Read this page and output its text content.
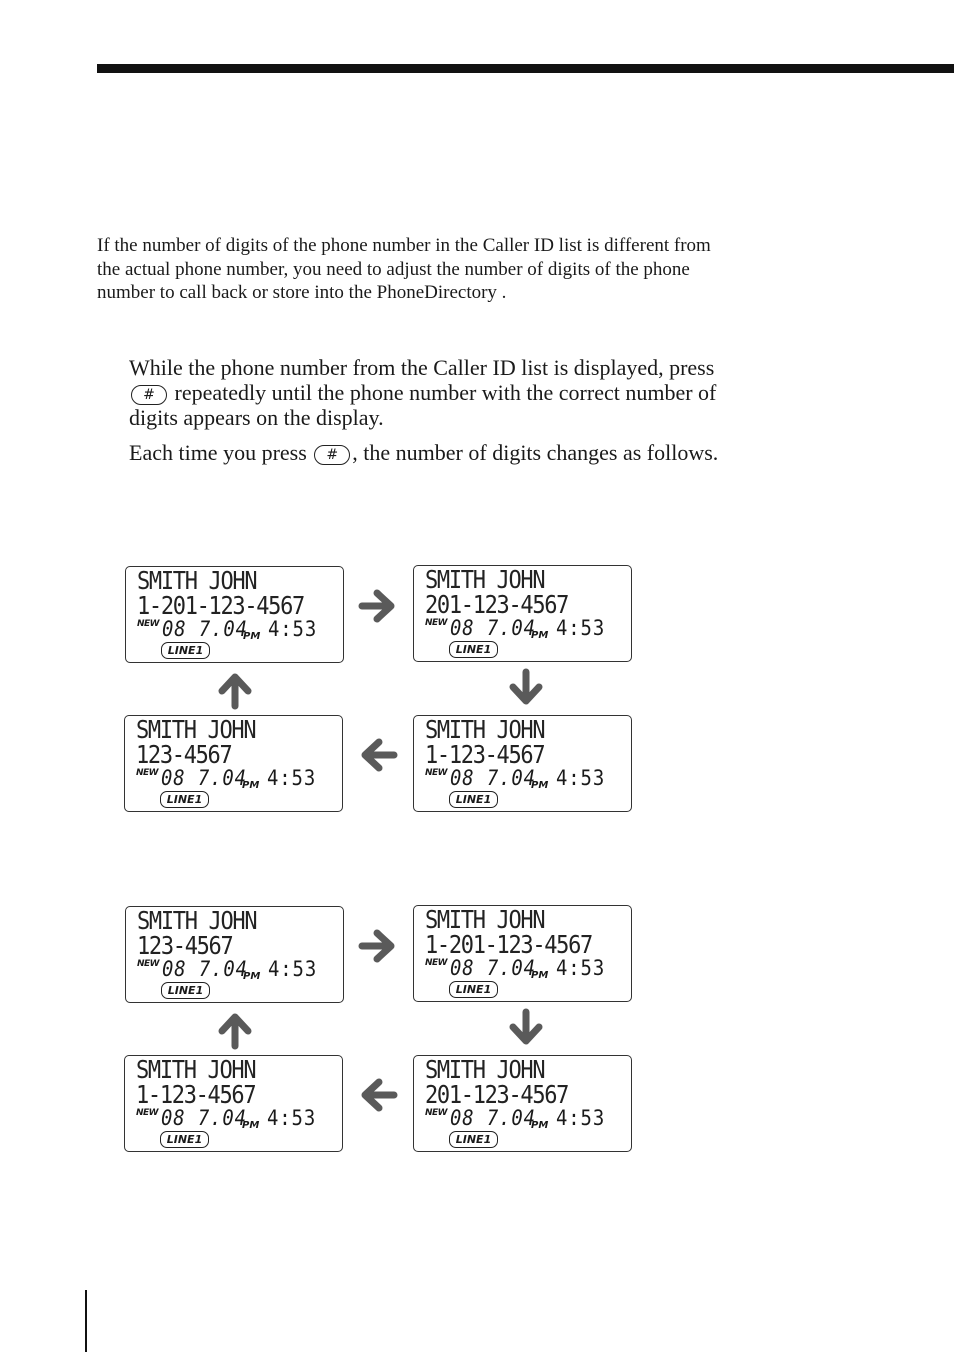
If the number of digits of the phone number in the Caller ID list is different from the actual phone number, you need to adjust the number of digits of the phone number to call back or store into the PhoneDirectory .

While the phone number from the Caller ID list is displayed, press # repeatedly until the phone number with the correct number of digits appears on the display.

Each time you press # , the number of digits changes as follows.

SMITH JOHN
1-201-123-4567
NEW 08 7.04
PM 4:53
LINE1
SMITH JOHN
201-123-4567
NEW 08 7.04
PM 4:53
LINE1
SMITH JOHN
123-4567
NEW 08 7.04
PM 4:53
LINE1
SMITH JOHN
1-123-4567
NEW 08 7.04
PM 4:53
LINE1
SMITH JOHN
123-4567
NEW 08 7.04
PM 4:53
LINE1
SMITH JOHN
1-201-123-4567
NEW 08 7.04
PM 4:53
LINE1
SMITH JOHN
1-123-4567
NEW 08 7.04
PM 4:53
LINE1
SMITH JOHN
201-123-4567
NEW 08 7.04
PM 4:53
LINE1
